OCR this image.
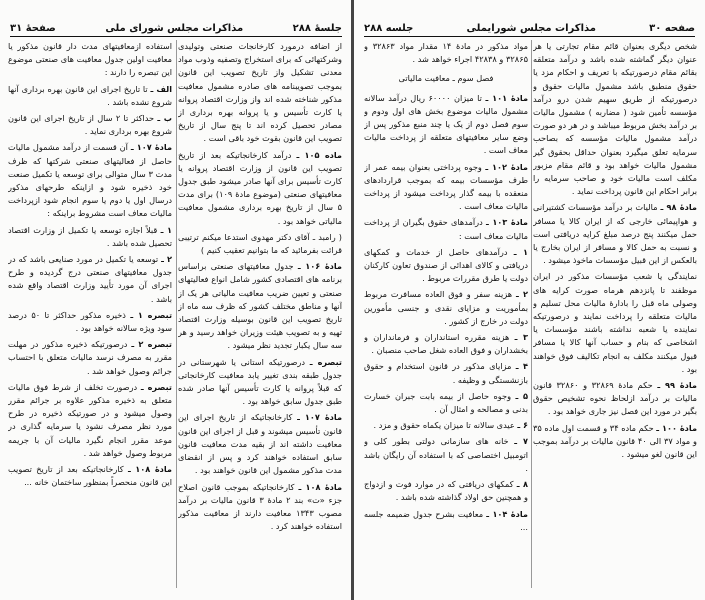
جلسهٔ ۲۸۸
مذاکرات مجلس شورای ملی
صفحهٔ ۳۱

از اضافه درمورد کارخانجات صنعتی وتولیدی وشرکتهائی که برای استخراج وتصفیه وذوب مواد معدنی تشکیل واز تاریخ تصویب این قانون بموجب تصویبنامه های صادره مشمول معافیت مذکور شناخته شده اند واز وزارت اقتصاد پروانه یا کارت تأسیس و یا پروانه بهره برداری از مصادر تحصیل کرده اند تا پنج سال از تاریخ تصویب این قانون بقوت خود باقی است .

ماده ۱۰۵ ـ درآمد کارخانجاتیکه بعد از تاریخ تصویب این قانون از وزارت اقتصاد پروانه یا کارت تأسیس برای آنها صادر میشود طبق جدول معافیتهای صنعتی (موضوع مادهٔ ۱۰۹) برای مدت ۵ سال از تاریخ بهره برداری مشمول معافیت مالیاتی خواهد بود .

( رامبد ـ آقای دکتر مهدوی استدعا میکنم ترتیبی قرائت بفرمائید که ما بتوانیم تعقیب کنیم )

مادهٔ ۱۰۶ ـ جدول معافیتهای صنعتی براساس برنامه های اقتصادی کشور شامل انواع فعالیتهای صنعتی و تعیین ضریب معافیت مالیاتی هر یک از آنها و مناطق مختلف کشور که ظرف سه ماه از تاریخ تصویب این قانون بوسیله وزارت اقتصاد تهیه و به تصویب هیئت وزیران خواهد رسید و هر سه سال یکبار تجدید نظر میشود .

تبصره ـ درصورتیکه استانی یا شهرستانی در جدول طبقه بندی تغییر یابد معافیت کارخانجاتی که قبلاً پروانه یا کارت تأسیس آنها صادر شده طبق جدول سابق خواهد بود .

مادهٔ ۱۰۷ ـ کارخانجاتیکه از تاریخ اجرای این قانون تأسیس میشوند و قبل از اجرای این قانون معافیت داشته اند از بقیه مدت معافیت قانون سابق استفاده خواهند کرد و پس از انقضای مدت مذکور مشمول این قانون خواهند بود .

مادهٔ ۱۰۸ ـ کارخانجاتیکه بموجب قانون اصلاح جزء «ت» بند ۲ مادهٔ ۳ قانون مالیات بر درآمد مصوب ۱۳۴۳ معافیت دارند از معافیت مذکور استفاده خواهند کرد .

استفاده ازمعافیتهای مدت دار قانون مذکور یا معافیت اولین جدول معافیت های صنعتی موضوع این تبصره را دارند :

الف ـ تا تاریخ اجرای این قانون بهره برداری آنها شروع نشده باشد .

ب ـ حداکثر تا ۲ سال از تاریخ اجرای این قانون شروع بهره برداری نماید .

مادهٔ ۱۰۷ ـ آن قسمت از درآمد مشمول مالیات حاصل از فعالیتهای صنعتی شرکتها که ظرف مدت ۳ سال متوالی برای توسعه یا تکمیل صنعت خود ذخیره شود و ازاینکه طرحهای مذکور درسال اول یا دوم یا سوم انجام شود ازپرداخت مالیات معاف است مشروط براینکه :

۱ ـ قبلاً اجازه توسعه یا تکمیل از وزارت اقتصاد تحصیل شده باشد .

۲ ـ توسعه یا تکمیل در مورد صنایعی باشد که در جدول معافیتهای صنعتی درج گردیده و طرح اجرای آن مورد تأیید وزارت اقتصاد واقع شده باشد .

تبصره ۱ ـ ذخیره مذکور حداکثر تا ۵۰ درصد سود ویژه سالانه خواهد بود .

تبصره ۲ ـ درصورتیکه ذخیره مذکور در مهلت مقرر به مصرف نرسد مالیات متعلق با احتساب جرائم وصول خواهد شد .

تبصره ـ درصورت تخلف از شرط فوق مالیات متعلق به ذخیره مذکور علاوه بر جرائم مقرر وصول میشود و در صورتیکه ذخیره در طرح مورد نظر مصرف نشود یا سرمایه گذاری در موعد مقرر انجام نگیرد مالیات آن با جریمه مربوط وصول خواهد شد .

مادهٔ ۱۰۸ ـ کارخانجاتیکه بعد از تاریخ تصویب این قانون منحصراً بمنظور ساختمان خانه ...

صفحه ۳۰
مذاکرات مجلس شورایملی
جلسه ۲۸۸

شخص دیگری بعنوان قائم مقام تجارتی یا هر عنوان دیگر گماشته شده باشد و درآمد متعلقه بقائم مقام درصورتیکه با تعریف و احکام مزد یا حقوق منطبق باشد مشمول مالیات حقوق و درصورتیکه از طریق سهیم شدن درو درآمد مؤسسه تأمین شود ( مضاربه ) مشمول مالیات بر درآمد بخش مربوط میباشد و در هر دو صورت درآمد مشمول مالیات مؤسسه که بصاحب سرمایه تعلق میگیرد بعنوان حداقل بحقوق گیر مشمول مالیات خواهد بود و قائم مقام مزبور مکلف است مالیات خود و صاحب سرمایه را برابر احکام این قانون پرداخت نماید .

مادهٔ ۹۸ ـ مالیات بر درآمد مؤسسات کشتیرانی و هواپیمائی خارجی که از ایران کالا یا مسافر حمل میکنند پنج درصد مبلغ کرایه دریافتی است و نسبت به حمل کالا و مسافر از ایران بخارج یا بالعکس از این قبیل مؤسسات ماخوذ میشود .

نمایندگی یا شعب مؤسسات مذکور در ایران موظفند تا پانزدهم هرماه صورت کرایه های وصولی ماه قبل را بادارهٔ مالیات محل تسلیم و مالیات متعلقه را پرداخت نمایند و درصورتیکه نماینده یا شعبه نداشته باشند مؤسسات یا اشخاصی که بنام و حساب آنها کالا یا مسافر قبول میکنند مکلف به انجام تکالیف فوق خواهند بود .

مادهٔ ۹۹ ـ حکم مادهٔ ۳۲۸۶۹ و ۳۲۸۶۰ قانون مالیات بر درآمد ازلحاظ نحوه تشخیص حقوق بگیر در مورد این فصل نیز جاری خواهد بود .

مادهٔ ۱۰۰ ـ حکم ماده ۳۴ و قسمت اول ماده ۳۵ و مواد ۳۷ الی ۴۰ قانون مالیات بر درآمد بموجب این قانون لغو میشود .

مواد مذکور در مادهٔ ۱۴ مقدار مواد ۳۲۸۶۳ و ۳۲۸۶۵ و ۴۲۸۳۸ اجراء خواهد شد .

فصل سوم ـ معافیت مالیاتی

مادهٔ ۱۰۱ ـ تا میزان ۶۰۰۰۰ ریال درآمد سالانه مشمول مالیات موضوع بخش های اول ودوم و سوم فصل دوم از یک یا چند منبع مذکور پس از وضع سایر معافیتهای متعلقه از پرداخت مالیات معاف است .

مادهٔ ۱۰۲ ـ وجوه پرداختی بعنوان بیمه عمر از طرف مؤسسات بیمه که بموجب قراردادهای منعقده با بیمه گذار پرداخت میشود از پرداخت مالیات معاف است .

مادهٔ ۱۰۳ ـ درآمدهای حقوق بگیران از پرداخت مالیات معاف است :

۱ ـ درآمدهای حاصل از خدمات و کمکهای دریافتی و کالای اهدائی از صندوق تعاون کارکنان دولت یا طرق مقررات مربوط .

۲ ـ هزینه سفر و فوق العاده مسافرت مربوط بمأموریت و مزایای نقدی و جنسی مأمورین دولت در خارج از کشور .

۳ ـ هزینه مقرره استانداران و فرمانداران و بخشداران و فوق العاده شغل صاحب منصبان .

۴ ـ مزایای مذکور در قانون استخدام و حقوق بازنشستگی و وظیفه .

۵ ـ وجوه حاصل از بیمه بابت جبران خسارت بدنی و مصالحه و امثال آن .

۶ ـ عیدی سالانه تا میزان یکماه حقوق و مزد .

۷ ـ خانه های سازمانی دولتی بطور کلی و اتومبیل اختصاصی که با استفاده آن رایگان باشد .

۸ ـ کمکهای دریافتی که در موارد فوت و ازدواج و همچنین حق اولاد گذاشته شده باشد .

مادهٔ ۱۰۴ ـ معافیت بشرح جدول ضمیمه جلسه ...
